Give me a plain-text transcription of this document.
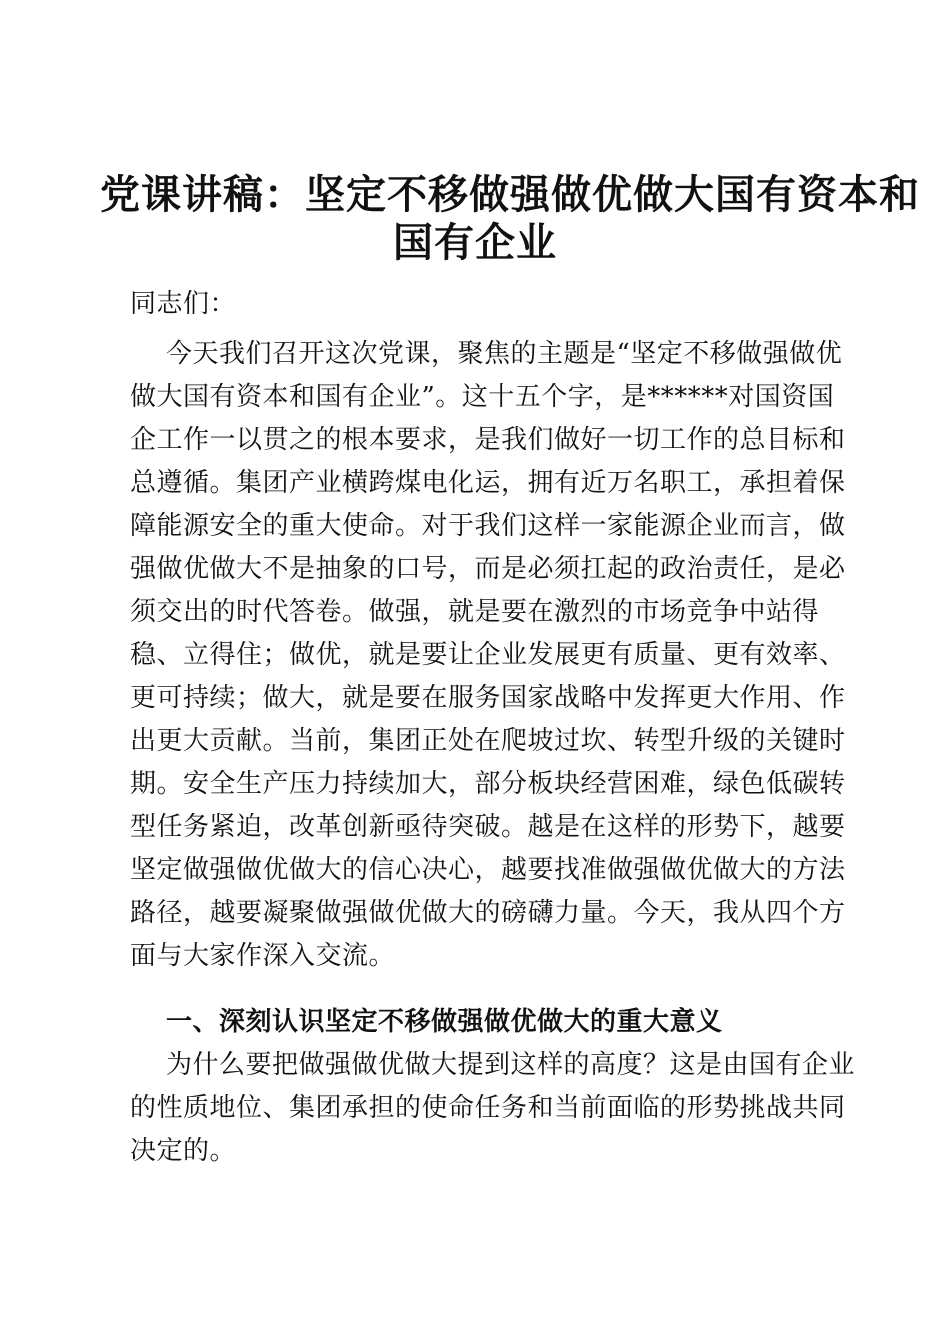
党课讲稿：坚定不移做强做优做大国有资本和
国有企业
同志们：
今天我们召开这次党课，聚焦的主题是“坚定不移做强做优
做大国有资本和国有企业”。这十五个字，是******对国资国
企工作一以贯之的根本要求，是我们做好一切工作的总目标和
总遵循。集团产业横跨煤电化运，拥有近万名职工，承担着保
障能源安全的重大使命。对于我们这样一家能源企业而言，做
强做优做大不是抽象的口号，而是必须扛起的政治责任，是必
须交出的时代答卷。做强，就是要在激烈的市场竞争中站得
稳、立得住；做优，就是要让企业发展更有质量、更有效率、
更可持续；做大，就是要在服务国家战略中发挥更大作用、作
出更大贡献。当前，集团正处在爬坡过坎、转型升级的关键时
期。安全生产压力持续加大，部分板块经营困难，绿色低碳转
型任务紧迫，改革创新亟待突破。越是在这样的形势下，越要
坚定做强做优做大的信心决心，越要找准做强做优做大的方法
路径，越要凝聚做强做优做大的磅礴力量。今天，我从四个方
面与大家作深入交流。
一、深刻认识坚定不移做强做优做大的重大意义
为什么要把做强做优做大提到这样的高度？这是由国有企业
的性质地位、集团承担的使命任务和当前面临的形势挑战共同
决定的。
